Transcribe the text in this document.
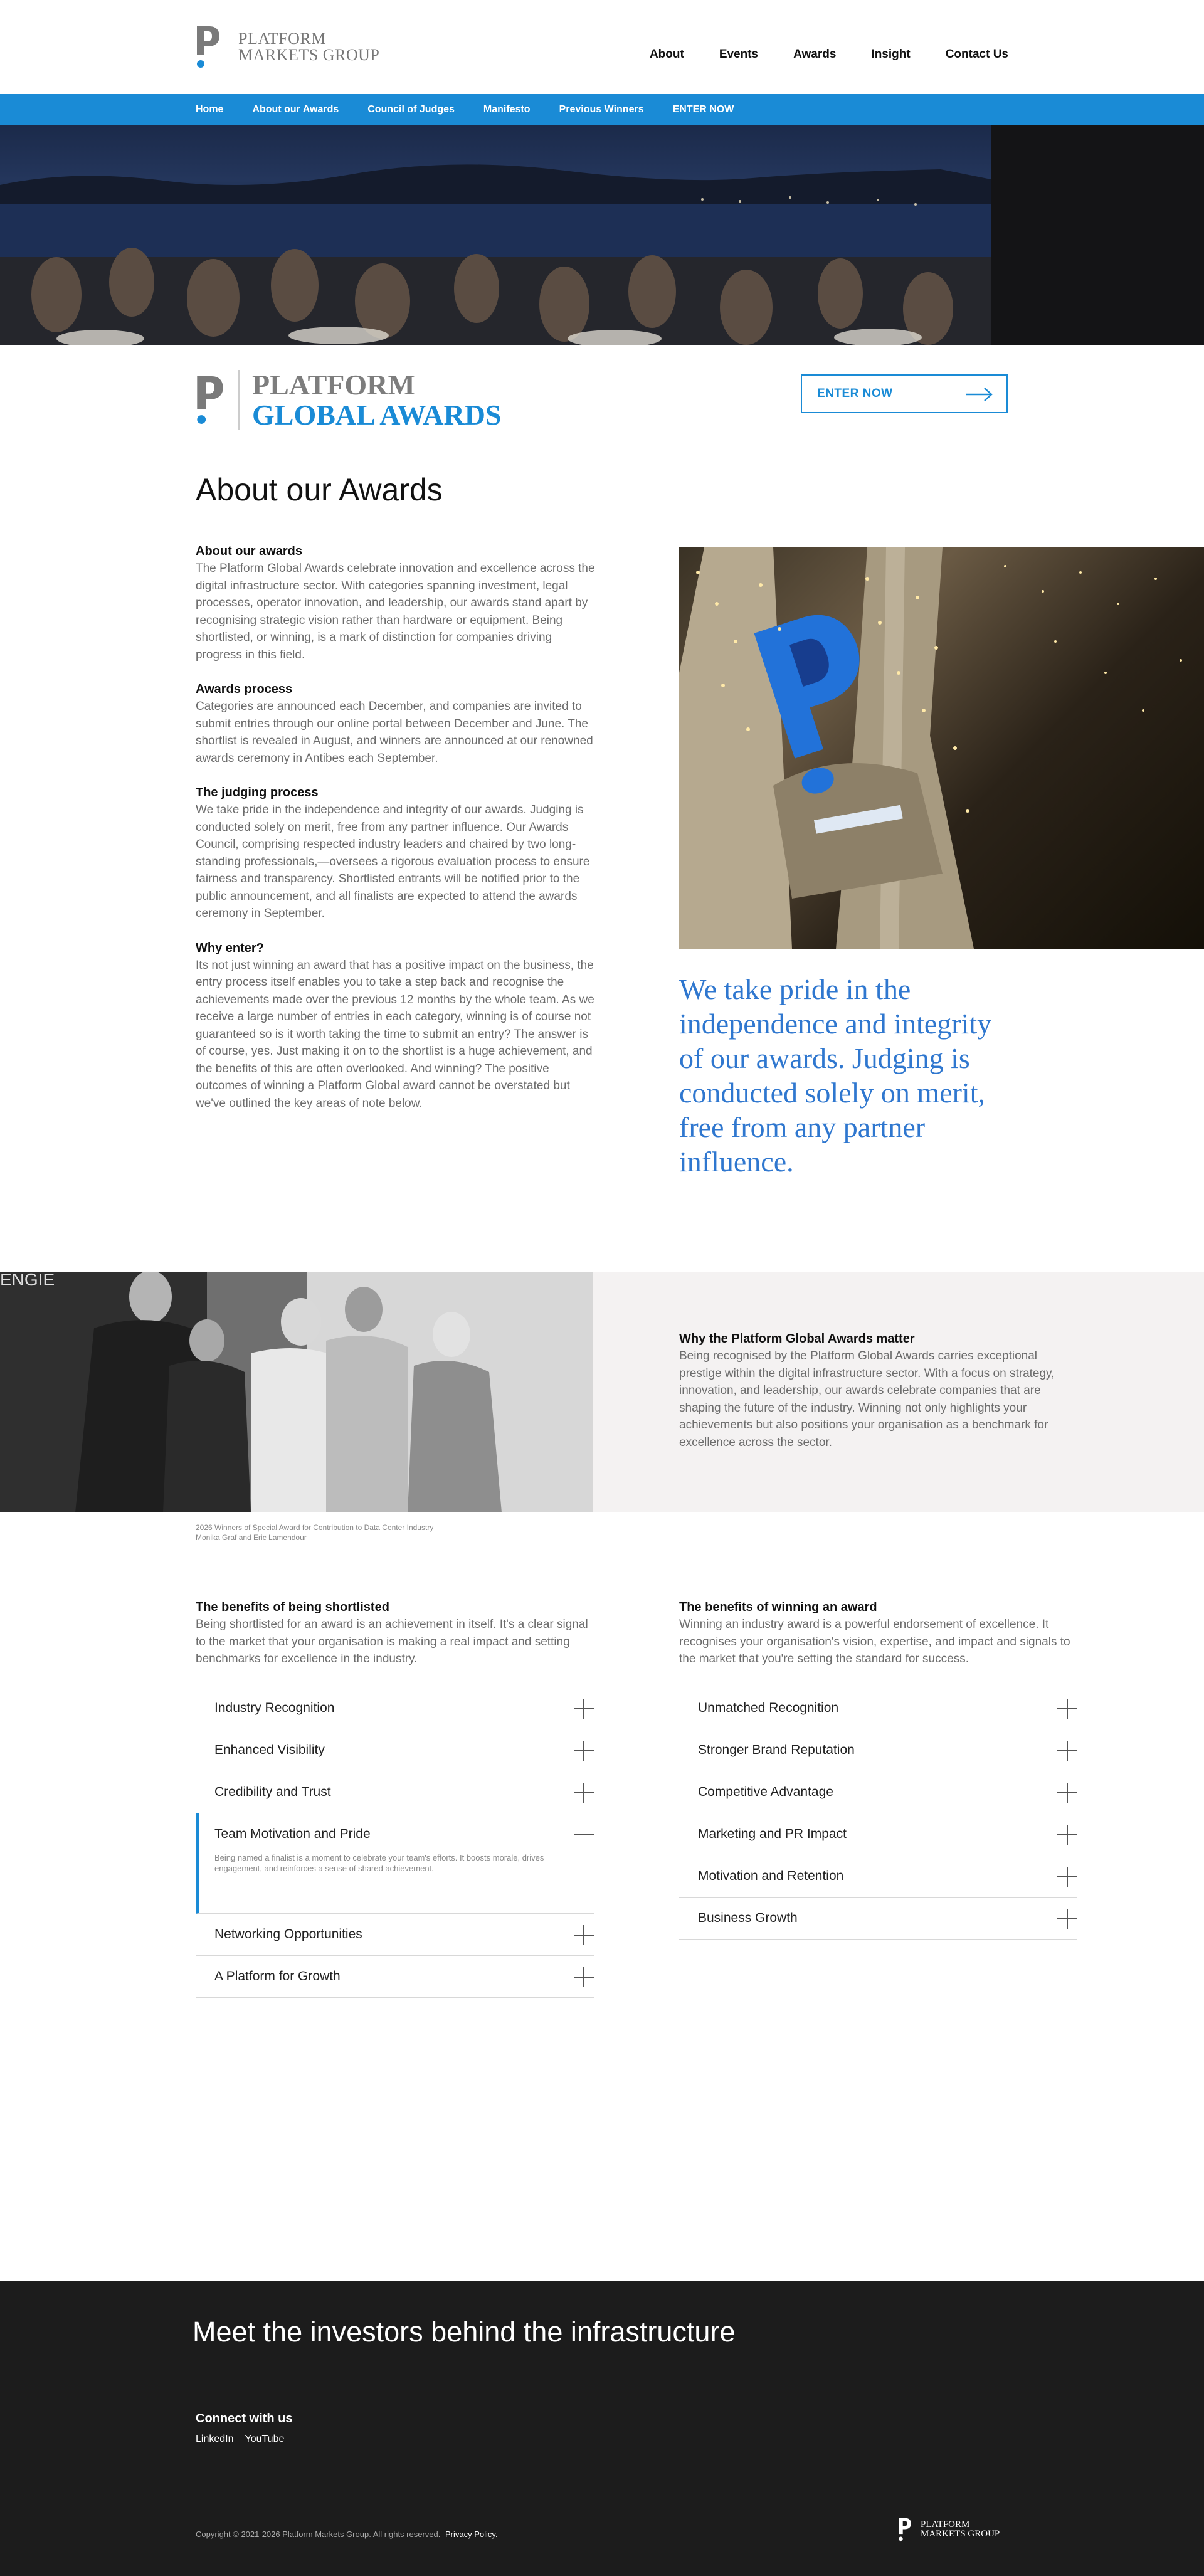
PLATFORM
MARKETS GROUP	About	Events	Awards	Insight	Contact Us
Home	About our Awards	Council of Judges	Manifesto	Previous Winners	ENTER NOW
PLATFORM
GLOBAL AWARDS
ENTER NOW
About our Awards
About our awards

The Platform Global Awards celebrate innovation and excellence across the digital infrastructure sector. With categories spanning investment, legal processes, operator innovation, and leadership, our awards stand apart by recognising strategic vision rather than hardware or equipment. Being shortlisted, or winning, is a mark of distinction for companies driving progress in this field.

Awards process

Categories are announced each December, and companies are invited to submit entries through our online portal between December and June. The shortlist is revealed in August, and winners are announced at our renowned awards ceremony in Antibes each September.

The judging process

We take pride in the independence and integrity of our awards. Judging is conducted solely on merit, free from any partner influence. Our Awards Council, comprising respected industry leaders and chaired by two long-standing professionals,—oversees a rigorous evaluation process to ensure fairness and transparency. Shortlisted entrants will be notified prior to the public announcement, and all finalists are expected to attend the awards ceremony in September.

Why enter?

Its not just winning an award that has a positive impact on the business, the entry process itself enables you to take a step back and recognise the achievements made over the previous 12 months by the whole team. As we receive a large number of entries in each category, winning is of course not guaranteed so is it worth taking the time to submit an entry? The answer is of course, yes. Just making it on to the shortlist is a huge achievement, and the benefits of this are often overlooked. And winning? The positive outcomes of winning a Platform Global award cannot be overstated but we've outlined the key areas of note below.

We take pride in the independence and integrity of our awards. Judging is conducted solely on merit, free from any partner influence.
ENGIE
Why the Platform Global Awards matter

Being recognised by the Platform Global Awards carries exceptional prestige within the digital infrastructure sector. With a focus on strategy, innovation, and leadership, our awards celebrate companies that are shaping the future of the industry. Winning not only highlights your achievements but also positions your organisation as a benchmark for excellence across the sector.

2026 Winners of Special Award for Contribution to Data Center Industry
Monika Graf and Eric Lamendour
The benefits of being shortlisted

Being shortlisted for an award is an achievement in itself. It's a clear signal to the market that your organisation is making a real impact and setting benchmarks for excellence in the industry.

Industry Recognition
Enhanced Visibility
Credibility and Trust
Team Motivation and Pride
Being named a finalist is a moment to celebrate your team's efforts. It boosts morale, drives engagement, and reinforces a sense of shared achievement.
Networking Opportunities
A Platform for Growth
The benefits of winning an award

Winning an industry award is a powerful endorsement of excellence. It recognises your organisation's vision, expertise, and impact and signals to the market that you're setting the standard for success.

Unmatched Recognition
Stronger Brand Reputation
Competitive Advantage
Marketing and PR Impact
Motivation and Retention
Business Growth
Meet the investors behind the infrastructure
Connect with us
LinkedIn YouTube
Copyright © 2021-2026 Platform Markets Group. All rights reserved. Privacy Policy.
PLATFORM
MARKETS GROUP
